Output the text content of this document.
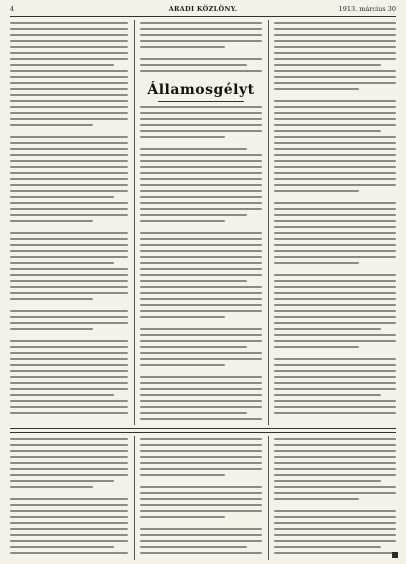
4	ARADI KÖZLÖNY.	1913. március 30
Államosgélyt
